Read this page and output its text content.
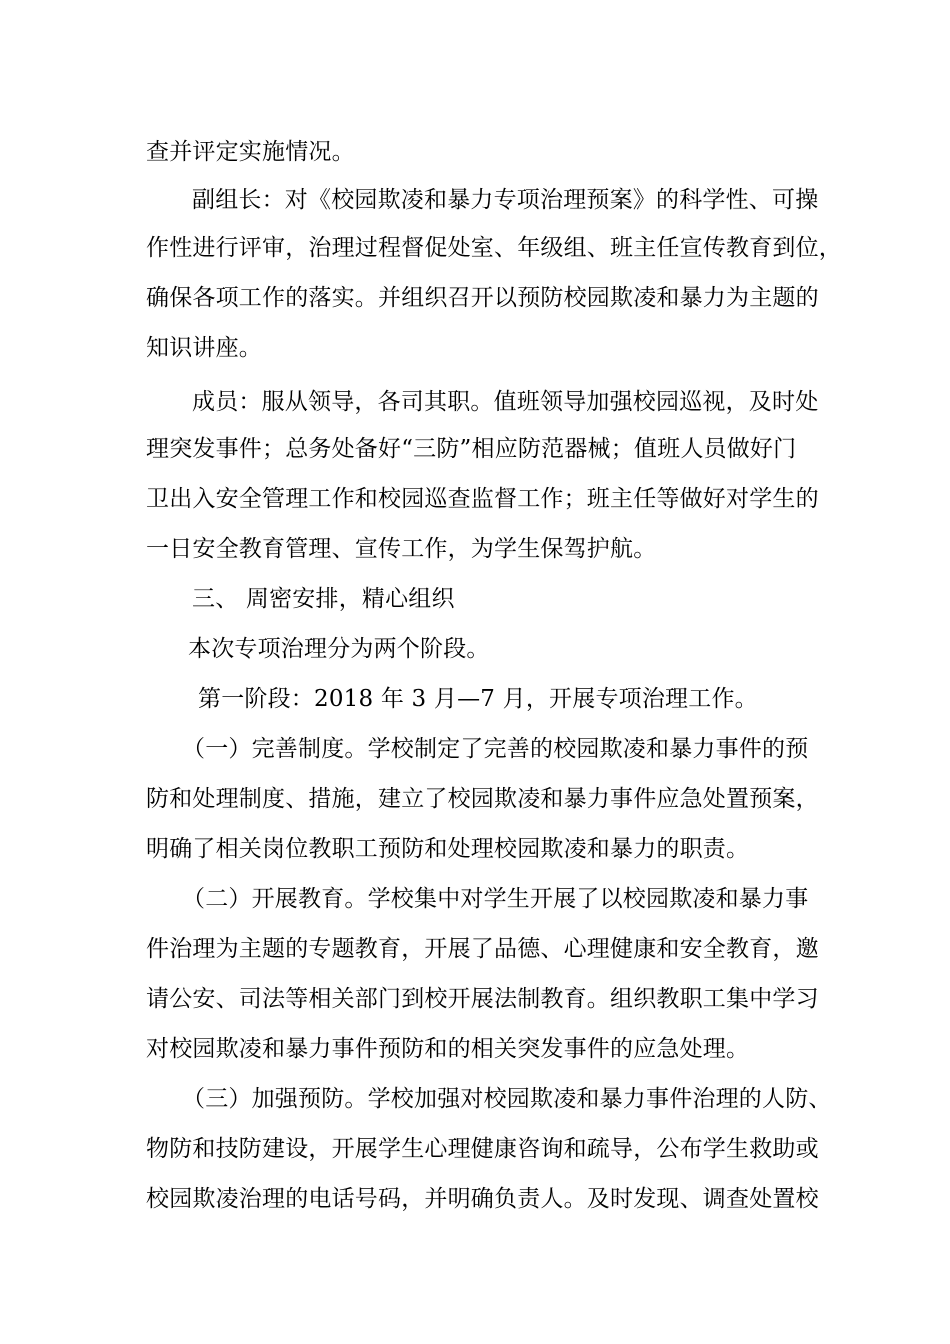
查并评定实施情况。
副组长：对《校园欺凌和暴力专项治理预案》的科学性、可操
作性进行评审，治理过程督促处室、年级组、班主任宣传教育到位，
确保各项工作的落实。并组织召开以预防校园欺凌和暴力为主题的
知识讲座。
成员：服从领导，各司其职。值班领导加强校园巡视，及时处
理突发事件；总务处备好“三防”相应防范器械；值班人员做好门
卫出入安全管理工作和校园巡查监督工作；班主任等做好对学生的
一日安全教育管理、宣传工作，为学生保驾护航。
三、 周密安排，精心组织
本次专项治理分为两个阶段。
第一阶段：2018 年 3 月—7 月，开展专项治理工作。
（一）完善制度。学校制定了完善的校园欺凌和暴力事件的预
防和处理制度、措施，建立了校园欺凌和暴力事件应急处置预案，
明确了相关岗位教职工预防和处理校园欺凌和暴力的职责。
（二）开展教育。学校集中对学生开展了以校园欺凌和暴力事
件治理为主题的专题教育，开展了品德、心理健康和安全教育，邀
请公安、司法等相关部门到校开展法制教育。组织教职工集中学习
对校园欺凌和暴力事件预防和的相关突发事件的应急处理。
（三）加强预防。学校加强对校园欺凌和暴力事件治理的人防、
物防和技防建设，开展学生心理健康咨询和疏导，公布学生救助或
校园欺凌治理的电话号码，并明确负责人。及时发现、调查处置校
